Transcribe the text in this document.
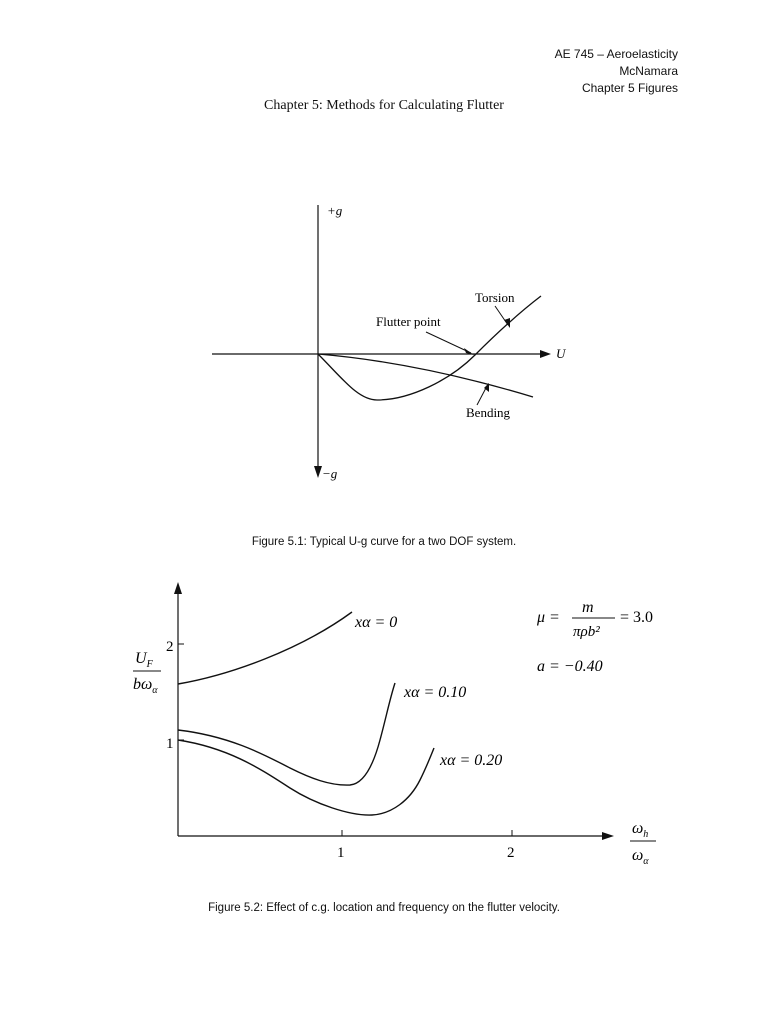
AE 745 – Aeroelasticity
McNamara
Chapter 5 Figures
Chapter 5: Methods for Calculating Flutter
+g
−g
U
Torsion
Flutter point
Bending
Figure 5.1: Typical U-g curve for a two DOF system.
1
2
1	2
xα = 0
xα = 0.10
xα = 0.20
$U_F$
$b\omega_\alpha$
$\omega_h$
$\omega_\alpha$
μ =
m
πρb²
= 3.0
a = −0.40
Figure 5.2: Effect of c.g. location and frequency on the flutter velocity.
